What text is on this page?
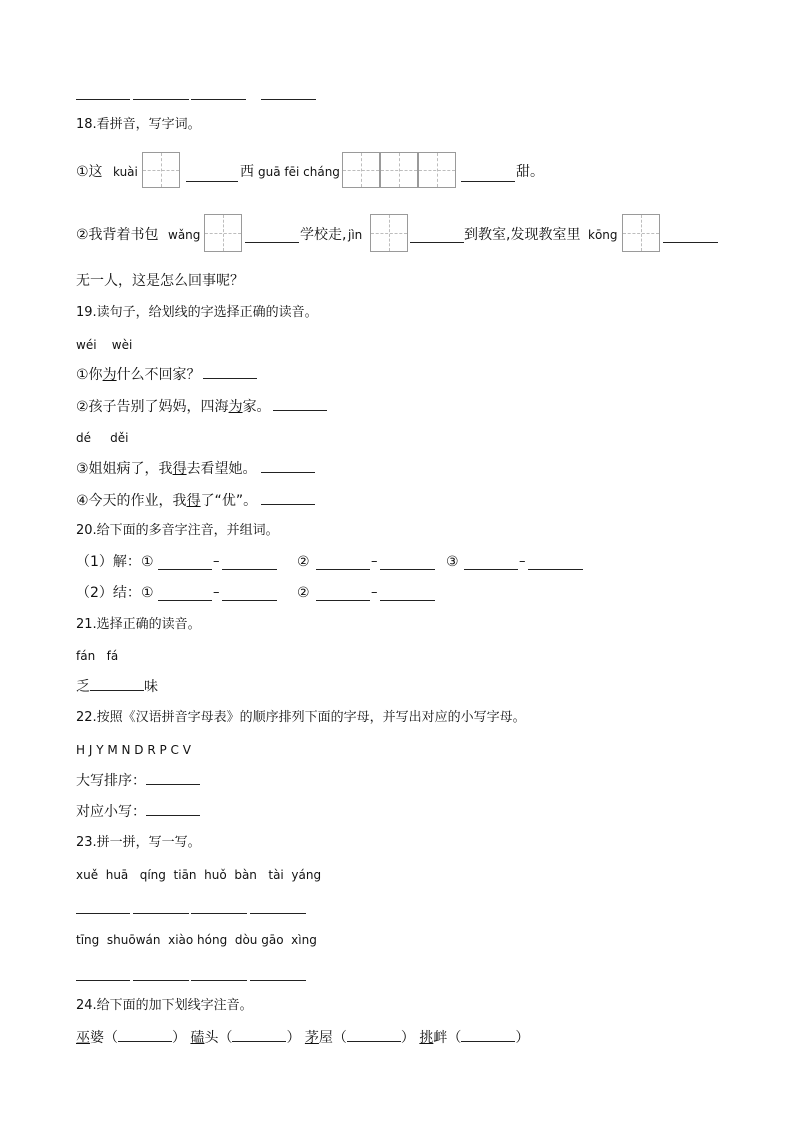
18.看拼音，写字词。
①这 kuài	西 guā fēi cháng	甜。
②我背着书包 wǎng	学校走, jìn	到教室,发现教室里 kōng
无一人，这是怎么回事呢？
19.读句子，给划线的字选择正确的读音。
wéi    wèi
①你为什么不回家？
②孩子告别了妈妈，四海为家。
dé     děi
③姐姐病了，我得去看望她。
④今天的作业，我得了“优”。
20.给下面的多音字注音，并组词。
（1）解： ①	–	②	–	③	–
（2）结： ①	–	②	–
21.选择正确的读音。
fán   fá
乏	味
22.按照《汉语拼音字母表》的顺序排列下面的字母，并写出对应的小写字母。
H J Y M N D R P C V
大写排序：
对应小写：
23.拼一拼，写一写。
xuě  huā   qíng  tiān  huǒ  bàn   tài  yáng
tīng  shuōwán  xiào hóng  dòu gāo  xìng
24.给下面的加下划线字注音。
巫婆（	） 磕头（	） 茅屋（	） 挑衅（	）
